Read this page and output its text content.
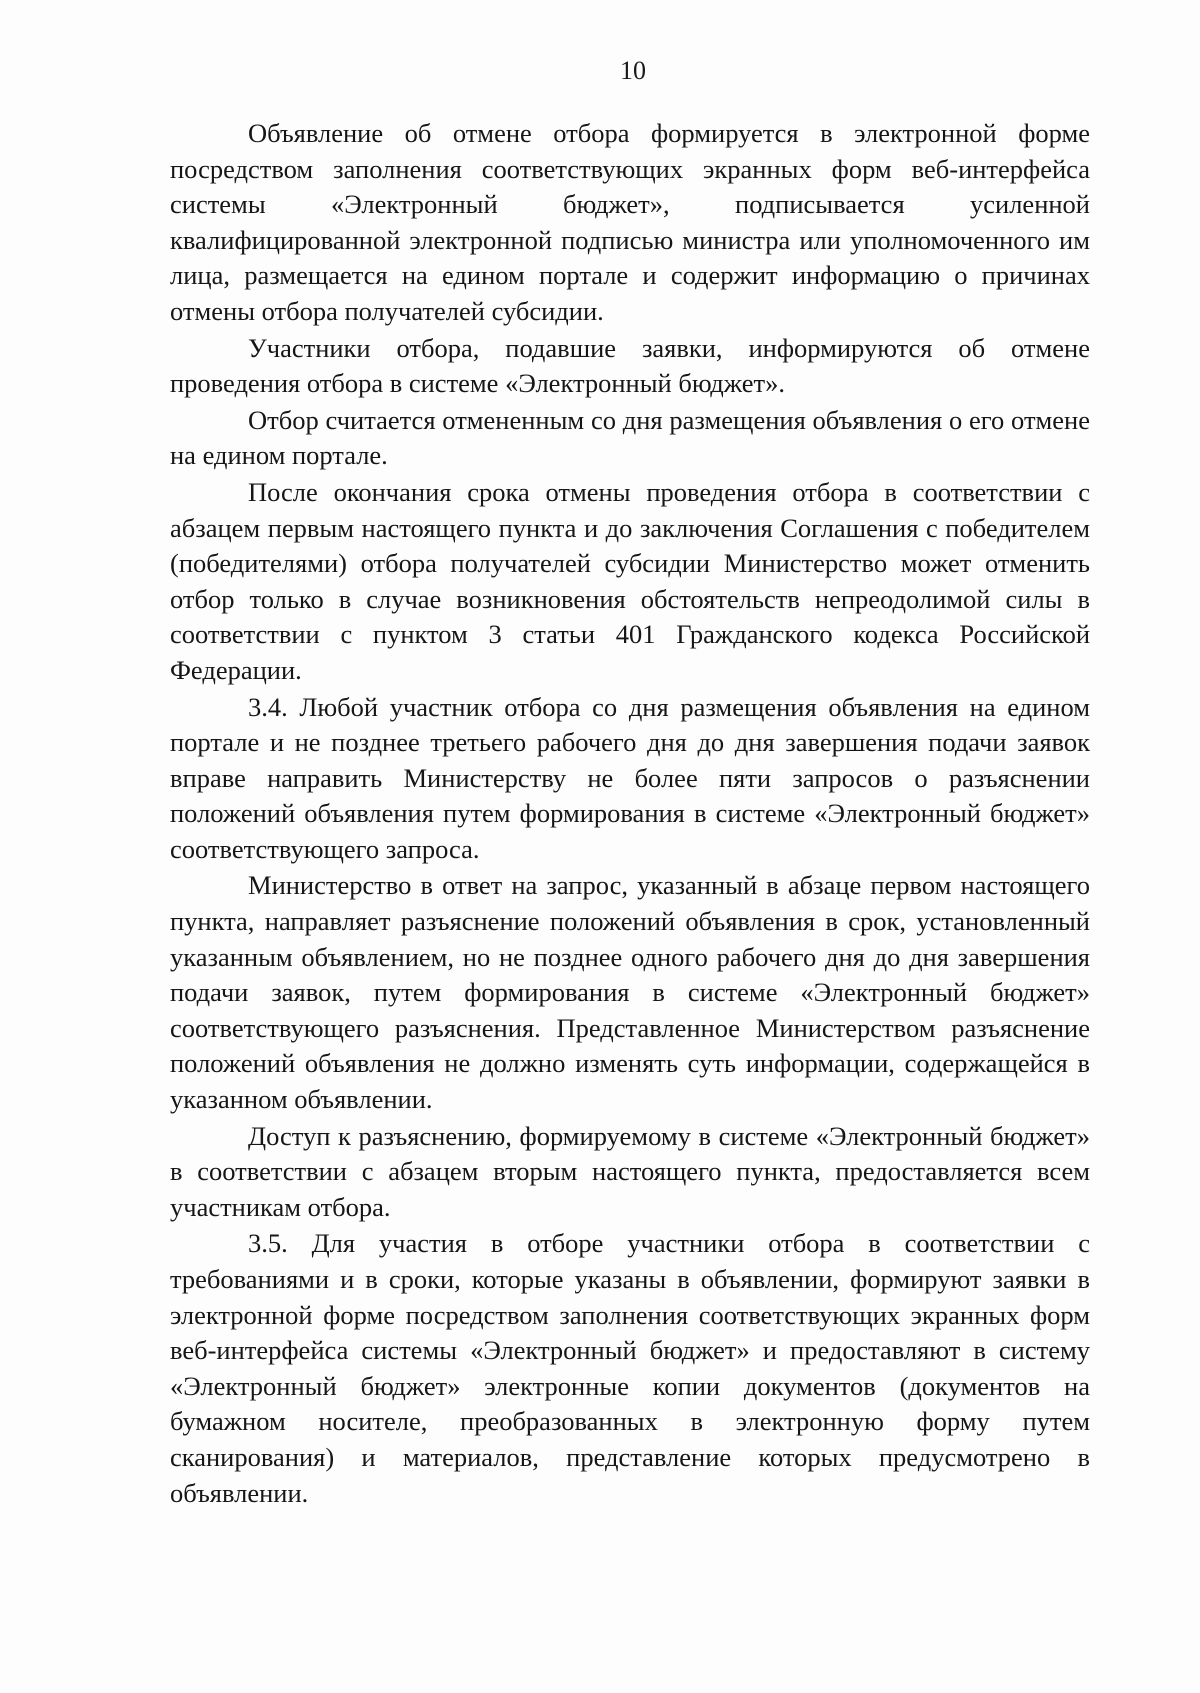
10

Объявление об отмене отбора формируется в электронной форме посредством заполнения соответствующих экранных форм веб-интерфейса системы «Электронный бюджет», подписывается усиленной квалифицированной электронной подписью министра или уполномоченного им лица, размещается на едином портале и содержит информацию о причинах отмены отбора получателей субсидии.

Участники отбора, подавшие заявки, информируются об отмене проведения отбора в системе «Электронный бюджет».

Отбор считается отмененным со дня размещения объявления о его отмене на едином портале.

После окончания срока отмены проведения отбора в соответствии с абзацем первым настоящего пункта и до заключения Соглашения с победителем (победителями) отбора получателей субсидии Министерство может отменить отбор только в случае возникновения обстоятельств непреодолимой силы в соответствии с пунктом 3 статьи 401 Гражданского кодекса Российской Федерации.

3.4. Любой участник отбора со дня размещения объявления на едином портале и не позднее третьего рабочего дня до дня завершения подачи заявок вправе направить Министерству не более пяти запросов о разъяснении положений объявления путем формирования в системе «Электронный бюджет» соответствующего запроса.

Министерство в ответ на запрос, указанный в абзаце первом настоящего пункта, направляет разъяснение положений объявления в срок, установленный указанным объявлением, но не позднее одного рабочего дня до дня завершения подачи заявок, путем формирования в системе «Электронный бюджет» соответствующего разъяснения. Представленное Министерством разъяснение положений объявления не должно изменять суть информации, содержащейся в указанном объявлении.

Доступ к разъяснению, формируемому в системе «Электронный бюджет» в соответствии с абзацем вторым настоящего пункта, предоставляется всем участникам отбора.

3.5. Для участия в отборе участники отбора в соответствии с требованиями и в сроки, которые указаны в объявлении, формируют заявки в электронной форме посредством заполнения соответствующих экранных форм веб-интерфейса системы «Электронный бюджет» и предоставляют в систему «Электронный бюджет» электронные копии документов (документов на бумажном носителе, преобразованных в электронную форму путем сканирования) и материалов, представление которых предусмотрено в объявлении.
